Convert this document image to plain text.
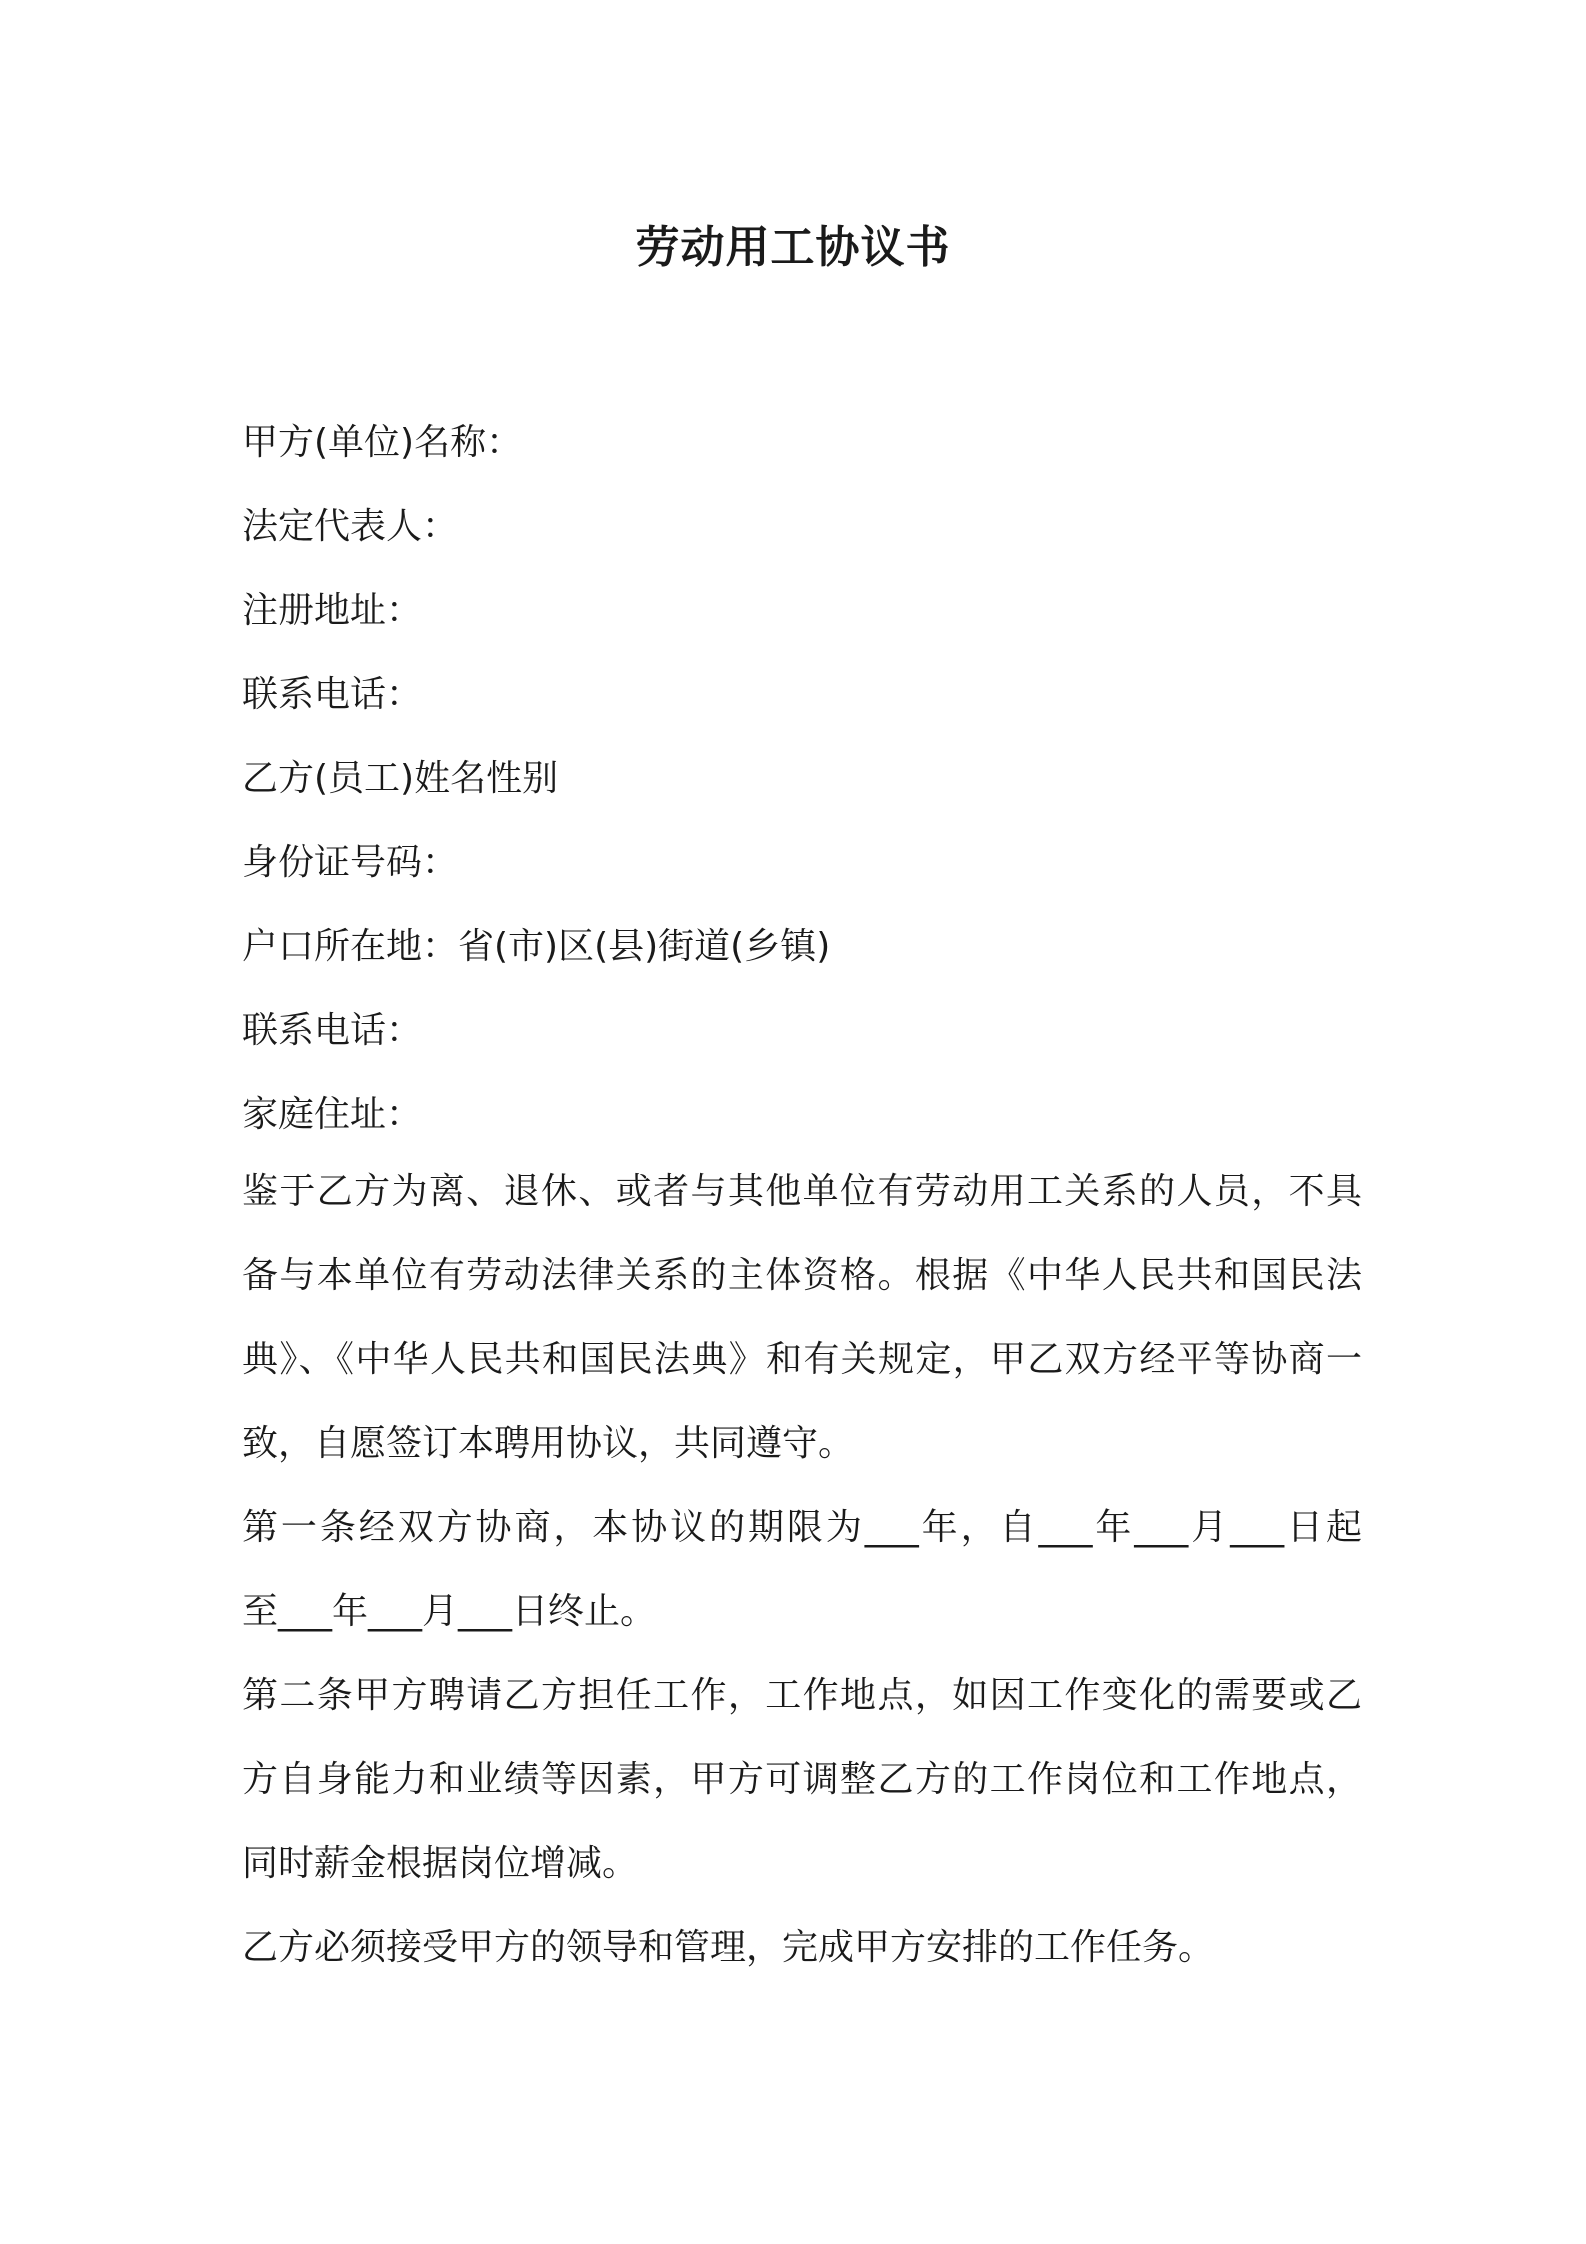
劳动用工协议书

甲方(单位)名称：

法定代表人：

注册地址：

联系电话：

乙方(员工)姓名性别

身份证号码：

户口所在地：省(市)区(县)街道(乡镇)

联系电话：

家庭住址：

鉴于乙方为离、退休、或者与其他单位有劳动用工关系的人员，不具
备与本单位有劳动法律关系的主体资格。根据《中华人民共和国民法
典》、《中华人民共和国民法典》和有关规定，甲乙双方经平等协商一
致，自愿签订本聘用协议，共同遵守。
第一条经双方协商，本协议的期限为___年，自___年___月___日起
至___年___月___日终止。
第二条甲方聘请乙方担任工作，工作地点，如因工作变化的需要或乙
方自身能力和业绩等因素，甲方可调整乙方的工作岗位和工作地点，
同时薪金根据岗位增减。
乙方必须接受甲方的领导和管理，完成甲方安排的工作任务。
